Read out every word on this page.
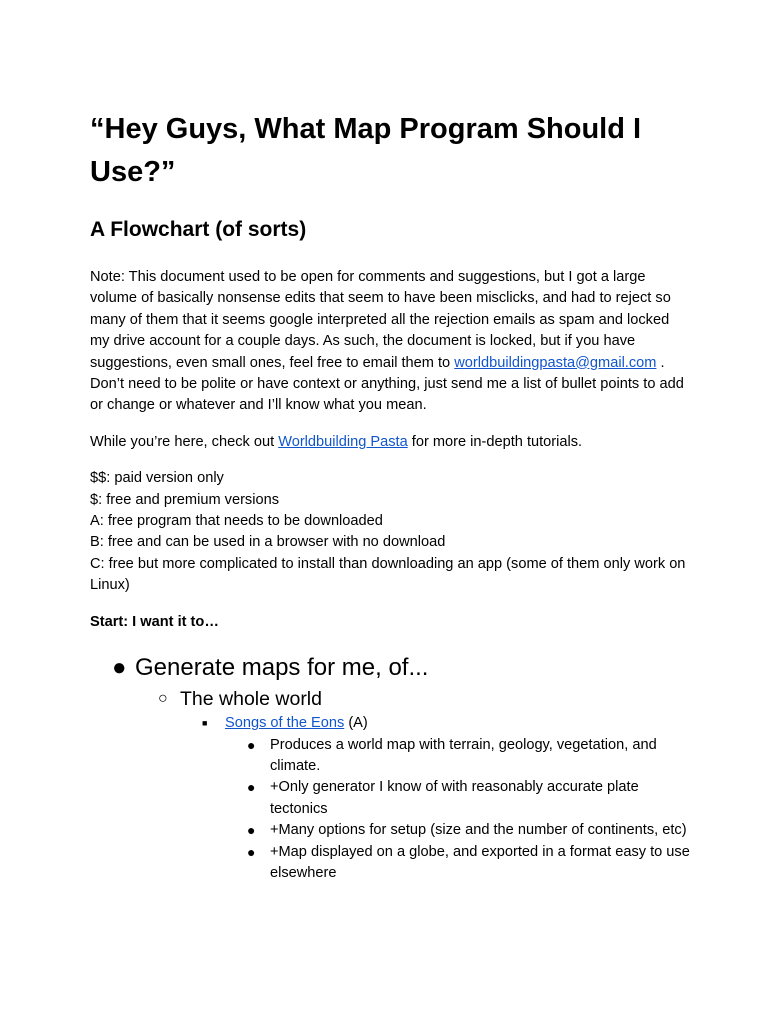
“Hey Guys, What Map Program Should I Use?”
A Flowchart (of sorts)

Note: This document used to be open for comments and suggestions, but I got a large volume of basically nonsense edits that seem to have been misclicks, and had to reject so many of them that it seems google interpreted all the rejection emails as spam and locked my drive account for a couple days. As such, the document is locked, but if you have suggestions, even small ones, feel free to email them to worldbuildingpasta@gmail.com . Don’t need to be polite or have context or anything, just send me a list of bullet points to add or change or whatever and I’ll know what you mean.

While you’re here, check out Worldbuilding Pasta for more in-depth tutorials.

$$: paid version only
$: free and premium versions
A: free program that needs to be downloaded
B: free and can be used in a browser with no download
C: free but more complicated to install than downloading an app (some of them only work on Linux)

Start: I want it to…

● Generate maps for me, of...
○ The whole world
■ Songs of the Eons (A)
● Produces a world map with terrain, geology, vegetation, and climate.
● +Only generator I know of with reasonably accurate plate tectonics
● +Many options for setup (size and the number of continents, etc)
● +Map displayed on a globe, and exported in a format easy to use elsewhere
